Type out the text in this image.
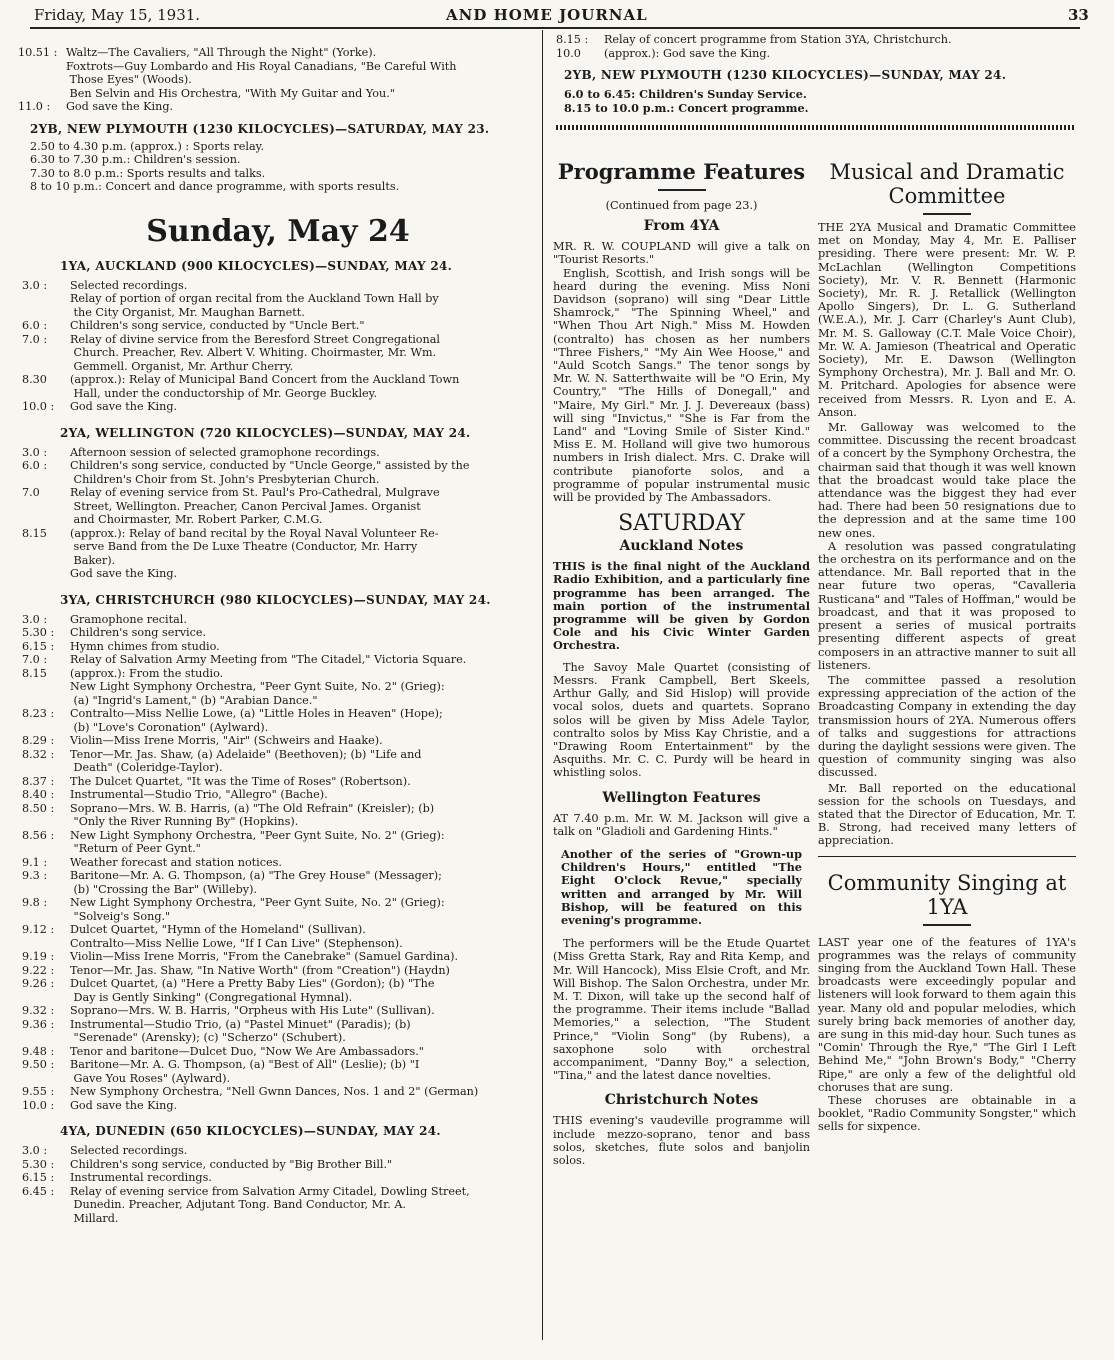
Friday, May 15, 1931.	AND HOME JOURNAL	33
10.51 : Waltz—The Cavaliers, "All Through the Night" (Yorke).
Foxtrots—Guy Lombardo and His Royal Canadians, "Be Careful With
Those Eyes" (Woods).
Ben Selvin and His Orchestra, "With My Guitar and You."
11.0 : God save the King.
2YB, NEW PLYMOUTH (1230 KILOCYCLES)—SATURDAY, MAY 23.
2.50 to 4.30 p.m. (approx.) : Sports relay.
6.30 to 7.30 p.m.: Children's session.
7.30 to 8.0 p.m.: Sports results and talks.
8 to 10 p.m.: Concert and dance programme, with sports results.
Sunday, May 24
1YA, AUCKLAND (900 KILOCYCLES)—SUNDAY, MAY 24.
3.0 : Selected recordings.
Relay of portion of organ recital from the Auckland Town Hall by
the City Organist, Mr. Maughan Barnett.
6.0 : Children's song service, conducted by "Uncle Bert."
7.0 : Relay of divine service from the Beresford Street Congregational
Church. Preacher, Rev. Albert V. Whiting. Choirmaster, Mr. Wm.
Gemmell. Organist, Mr. Arthur Cherry.
8.30 (approx.): Relay of Municipal Band Concert from the Auckland Town
Hall, under the conductorship of Mr. George Buckley.
10.0 : God save the King.
2YA, WELLINGTON (720 KILOCYCLES)—SUNDAY, MAY 24.
3.0 : Afternoon session of selected gramophone recordings.
6.0 : Children's song service, conducted by "Uncle George," assisted by the
Children's Choir from St. John's Presbyterian Church.
7.0	Relay of evening service from St. Paul's Pro-Cathedral, Mulgrave
Street, Wellington. Preacher, Canon Percival James. Organist
and Choirmaster, Mr. Robert Parker, C.M.G.
8.15 (approx.): Relay of band recital by the Royal Naval Volunteer Re-
serve Band from the De Luxe Theatre (Conductor, Mr. Harry
Baker).
God save the King.
3YA, CHRISTCHURCH (980 KILOCYCLES)—SUNDAY, MAY 24.
3.0 : Gramophone recital.
5.30 : Children's song service.
6.15 : Hymn chimes from studio.
7.0 : Relay of Salvation Army Meeting from "The Citadel," Victoria Square.
8.15 (approx.): From the studio.
New Light Symphony Orchestra, "Peer Gynt Suite, No. 2" (Grieg):
(a) "Ingrid's Lament," (b) "Arabian Dance."
8.23 : Contralto—Miss Nellie Lowe, (a) "Little Holes in Heaven" (Hope);
(b) "Love's Coronation" (Aylward).
8.29 : Violin—Miss Irene Morris, "Air" (Schweirs and Haake).
8.32 : Tenor—Mr. Jas. Shaw, (a) Adelaide" (Beethoven); (b) "Life and
Death" (Coleridge-Taylor).
8.37 : The Dulcet Quartet, "It was the Time of Roses" (Robertson).
8.40 : Instrumental—Studio Trio, "Allegro" (Bache).
8.50 : Soprano—Mrs. W. B. Harris, (a) "The Old Refrain" (Kreisler); (b)
"Only the River Running By" (Hopkins).
8.56 : New Light Symphony Orchestra, "Peer Gynt Suite, No. 2" (Grieg):
"Return of Peer Gynt."
9.1 : Weather forecast and station notices.
9.3 : Baritone—Mr. A. G. Thompson, (a) "The Grey House" (Messager);
(b) "Crossing the Bar" (Willeby).
9.8 : New Light Symphony Orchestra, "Peer Gynt Suite, No. 2" (Grieg):
"Solveig's Song."
9.12 : Dulcet Quartet, "Hymn of the Homeland" (Sullivan).
Contralto—Miss Nellie Lowe, "If I Can Live" (Stephenson).
9.19 : Violin—Miss Irene Morris, "From the Canebrake" (Samuel Gardina).
9.22 : Tenor—Mr. Jas. Shaw, "In Native Worth" (from "Creation") (Haydn)
9.26 : Dulcet Quartet, (a) "Here a Pretty Baby Lies" (Gordon); (b) "The
Day is Gently Sinking" (Congregational Hymnal).
9.32 : Soprano—Mrs. W. B. Harris, "Orpheus with His Lute" (Sullivan).
9.36 : Instrumental—Studio Trio, (a) "Pastel Minuet" (Paradis); (b)
"Serenade" (Arensky); (c) "Scherzo" (Schubert).
9.48 : Tenor and baritone—Dulcet Duo, "Now We Are Ambassadors."
9.50 : Baritone—Mr. A. G. Thompson, (a) "Best of All" (Leslie); (b) "I
Gave You Roses" (Aylward).
9.55 : New Symphony Orchestra, "Nell Gwnn Dances, Nos. 1 and 2" (German)
10.0 : God save the King.
4YA, DUNEDIN (650 KILOCYCLES)—SUNDAY, MAY 24.
3.0 : Selected recordings.
5.30 : Children's song service, conducted by "Big Brother Bill."
6.15 : Instrumental recordings.
6.45 : Relay of evening service from Salvation Army Citadel, Dowling Street,
Dunedin. Preacher, Adjutant Tong. Band Conductor, Mr. A.
Millard.
8.15 : Relay of concert programme from Station 3YA, Christchurch.
10.0 (approx.): God save the King.
2YB, NEW PLYMOUTH (1230 KILOCYCLES)—SUNDAY, MAY 24.
6.0 to 6.45: Children's Sunday Service.
8.15 to 10.0 p.m.: Concert programme.
Programme Features
(Continued from page 23.)
From 4YA
MR. R. W. COUPLAND will give a talk on "Tourist Resorts."
English, Scottish, and Irish songs will be heard during the evening. Miss Noni Davidson (soprano) will sing "Dear Little Shamrock," "The Spinning Wheel," and "When Thou Art Nigh." Miss M. Howden (contralto) has chosen as her numbers "Three Fishers," "My Ain Wee Hoose," and "Auld Scotch Sangs." The tenor songs by Mr. W. N. Satterthwaite will be "O Erin, My Country," "The Hills of Donegall," and "Maire, My Girl." Mr. J. J. Devereaux (bass) will sing "Invictus," "She is Far from the Land" and "Loving Smile of Sister Kind." Miss E. M. Holland will give two humorous numbers in Irish dialect. Mrs. C. Drake will contribute pianoforte solos, and a programme of popular instrumental music will be provided by The Ambassadors.
SATURDAY
Auckland Notes
THIS is the final night of the Auckland Radio Exhibition, and a particularly fine programme has been arranged. The main portion of the instrumental programme will be given by Gordon Cole and his Civic Winter Garden Orchestra.
The Savoy Male Quartet (consisting of Messrs. Frank Campbell, Bert Skeels, Arthur Gally, and Sid Hislop) will provide vocal solos, duets and quartets. Soprano solos will be given by Miss Adele Taylor, contralto solos by Miss Kay Christie, and a "Drawing Room Entertainment" by the Asquiths. Mr. C. C. Purdy will be heard in whistling solos.
Wellington Features
AT 7.40 p.m. Mr. W. M. Jackson will give a talk on "Gladioli and Gardening Hints."
Another of the series of "Grown-up Children's Hours," entitled "The Eight O'clock Revue," specially written and arranged by Mr. Will Bishop, will be featured on this evening's programme.
The performers will be the Etude Quartet (Miss Gretta Stark, Ray and Rita Kemp, and Mr. Will Hancock), Miss Elsie Croft, and Mr. Will Bishop. The Salon Orchestra, under Mr. M. T. Dixon, will take up the second half of the programme. Their items include "Ballad Memories," a selection, "The Student Prince," "Violin Song" (by Rubens), a saxophone solo with orchestral accompaniment, "Danny Boy," a selection, "Tina," and the latest dance novelties.
Christchurch Notes
THIS evening's vaudeville programme will include mezzo-soprano, tenor and bass solos, sketches, flute solos and banjolin solos.
Musical and Dramatic Committee
THE 2YA Musical and Dramatic Committee met on Monday, May 4, Mr. E. Palliser presiding. There were present: Mr. W. P. McLachlan (Wellington Competitions Society), Mr. V. R. Bennett (Harmonic Society), Mr. R. J. Retallick (Wellington Apollo Singers), Dr. L. G. Sutherland (W.E.A.), Mr. J. Carr (Charley's Aunt Club), Mr. M. S. Galloway (C.T. Male Voice Choir), Mr. W. A. Jamieson (Theatrical and Operatic Society), Mr. E. Dawson (Wellington Symphony Orchestra), Mr. J. Ball and Mr. O. M. Pritchard. Apologies for absence were received from Messrs. R. Lyon and E. A. Anson.
Mr. Galloway was welcomed to the committee. Discussing the recent broadcast of a concert by the Symphony Orchestra, the chairman said that though it was well known that the broadcast would take place the attendance was the biggest they had ever had. There had been 50 resignations due to the depression and at the same time 100 new ones.
A resolution was passed congratulating the orchestra on its performance and on the attendance. Mr. Ball reported that in the near future two operas, "Cavalleria Rusticana" and "Tales of Hoffman," would be broadcast, and that it was proposed to present a series of musical portraits presenting different aspects of great composers in an attractive manner to suit all listeners.
The committee passed a resolution expressing appreciation of the action of the Broadcasting Company in extending the day transmission hours of 2YA. Numerous offers of talks and suggestions for attractions during the daylight sessions were given. The question of community singing was also discussed.
Mr. Ball reported on the educational session for the schools on Tuesdays, and stated that the Director of Education, Mr. T. B. Strong, had received many letters of appreciation.
Community Singing at 1YA
LAST year one of the features of 1YA's programmes was the relays of community singing from the Auckland Town Hall. These broadcasts were exceedingly popular and listeners will look forward to them again this year. Many old and popular melodies, which surely bring back memories of another day, are sung in this mid-day hour. Such tunes as "Comin' Through the Rye," "The Girl I Left Behind Me," "John Brown's Body," "Cherry Ripe," are only a few of the delightful old choruses that are sung.
These choruses are obtainable in a booklet, "Radio Community Songster," which sells for sixpence.
